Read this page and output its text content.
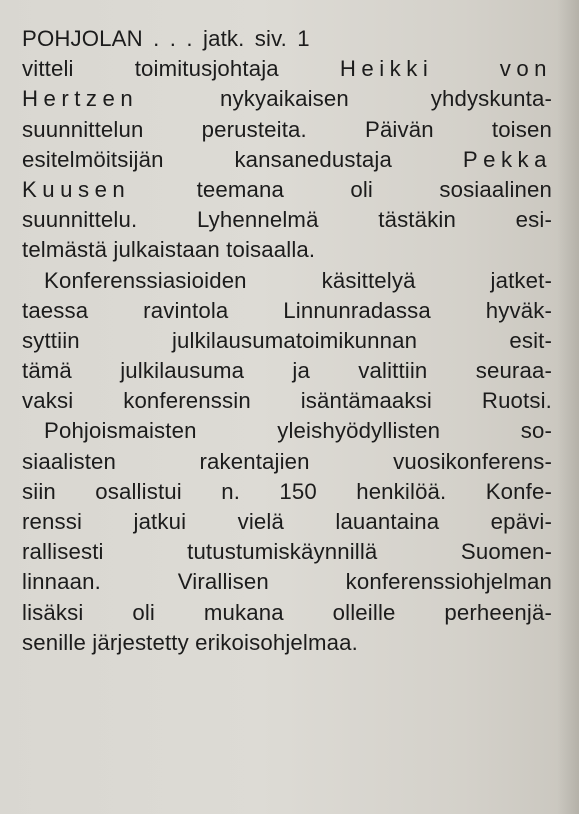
POHJOLAN . . . jatk. siv. 1
vitteli toimitusjohtaja Heikki von
Hertzen nykyaikaisen yhdyskunta-
suunnittelun perusteita. Päivän toisen
esitelmöitsijän kansanedustaja Pekka
Kuusen teemana oli sosiaalinen
suunnittelu. Lyhennelmä tästäkin esi-
telmästä julkaistaan toisaalla.
Konferenssiasioiden käsittelyä jatket-
taessa ravintola Linnunradassa hyväk-
syttiin julkilausumatoimikunnan esit-
tämä julkilausuma ja valittiin seuraa-
vaksi konferenssin isäntämaaksi Ruotsi.
Pohjoismaisten yleishyödyllisten so-
siaalisten rakentajien vuosikonferens-
siin osallistui n. 150 henkilöä. Konfe-
renssi jatkui vielä lauantaina epävi-
rallisesti tutustumiskäynnillä Suomen-
linnaan. Virallisen konferenssiohjelman
lisäksi oli mukana olleille perheenjä-
senille järjestetty erikoisohjelmaa.
